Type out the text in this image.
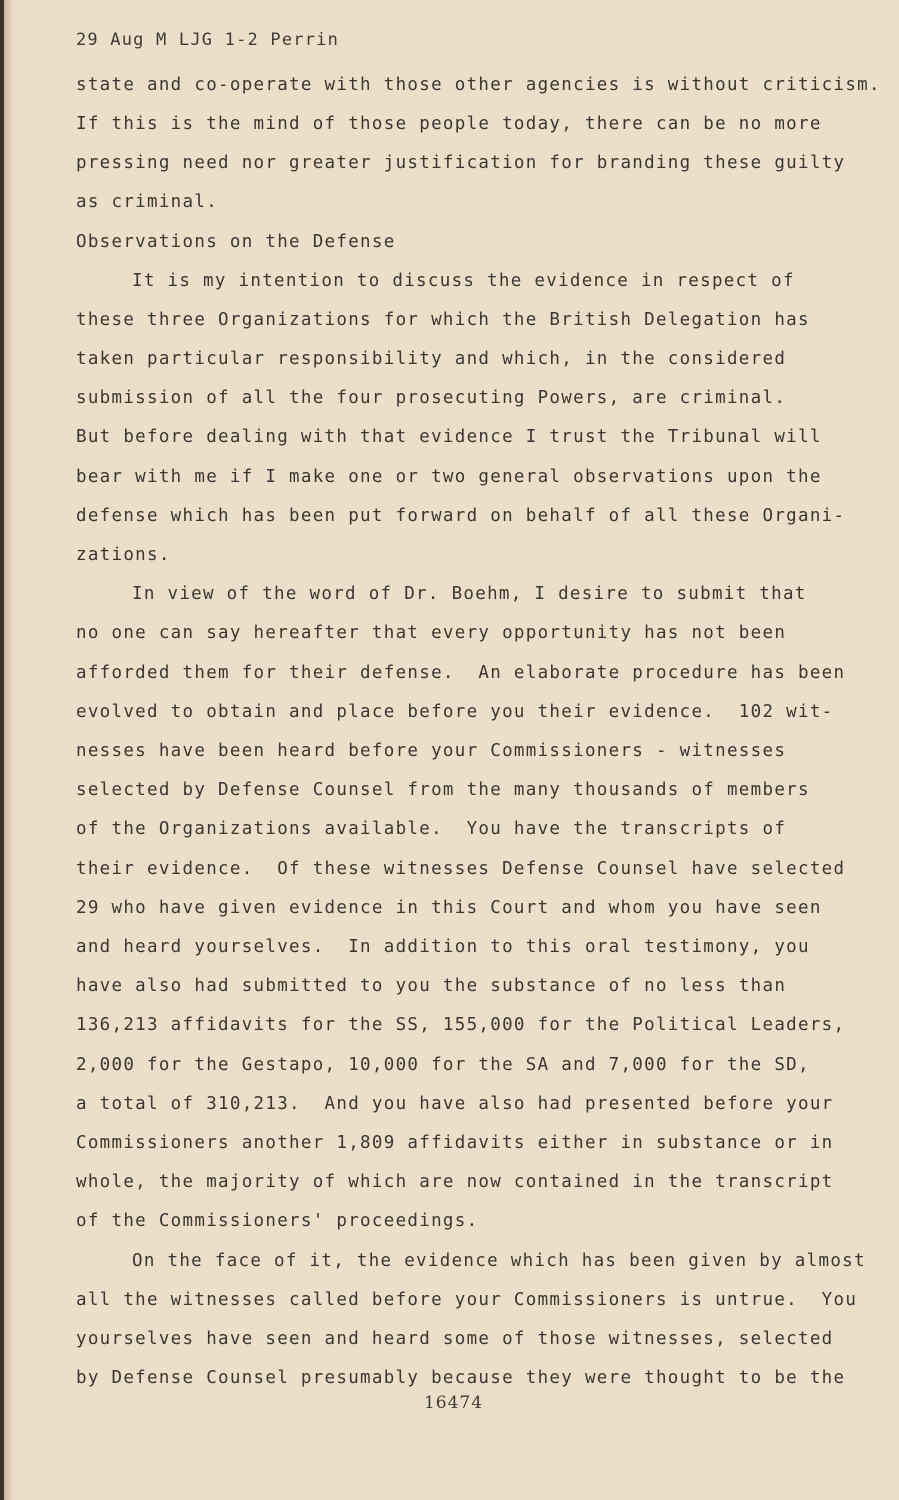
29 Aug M LJG 1-2 Perrin
state and co-operate with those other agencies is without criticism.
If this is the mind of those people today, there can be no more
pressing need nor greater justification for branding these guilty
as criminal.
Observations on the Defense
It is my intention to discuss the evidence in respect of
these three Organizations for which the British Delegation has
taken particular responsibility and which, in the considered
submission of all the four prosecuting Powers, are criminal.
But before dealing with that evidence I trust the Tribunal will
bear with me if I make one or two general observations upon the
defense which has been put forward on behalf of all these Organi-
zations.
In view of the word of Dr. Boehm, I desire to submit that
no one can say hereafter that every opportunity has not been
afforded them for their defense.  An elaborate procedure has been
evolved to obtain and place before you their evidence.  102 wit-
nesses have been heard before your Commissioners - witnesses
selected by Defense Counsel from the many thousands of members
of the Organizations available.  You have the transcripts of
their evidence.  Of these witnesses Defense Counsel have selected
29 who have given evidence in this Court and whom you have seen
and heard yourselves.  In addition to this oral testimony, you
have also had submitted to you the substance of no less than
136,213 affidavits for the SS, 155,000 for the Political Leaders,
2,000 for the Gestapo, 10,000 for the SA and 7,000 for the SD,
a total of 310,213.  And you have also had presented before your
Commissioners another 1,809 affidavits either in substance or in
whole, the majority of which are now contained in the transcript
of the Commissioners' proceedings.
On the face of it, the evidence which has been given by almost
all the witnesses called before your Commissioners is untrue.  You
yourselves have seen and heard some of those witnesses, selected
by Defense Counsel presumably because they were thought to be the
16474
